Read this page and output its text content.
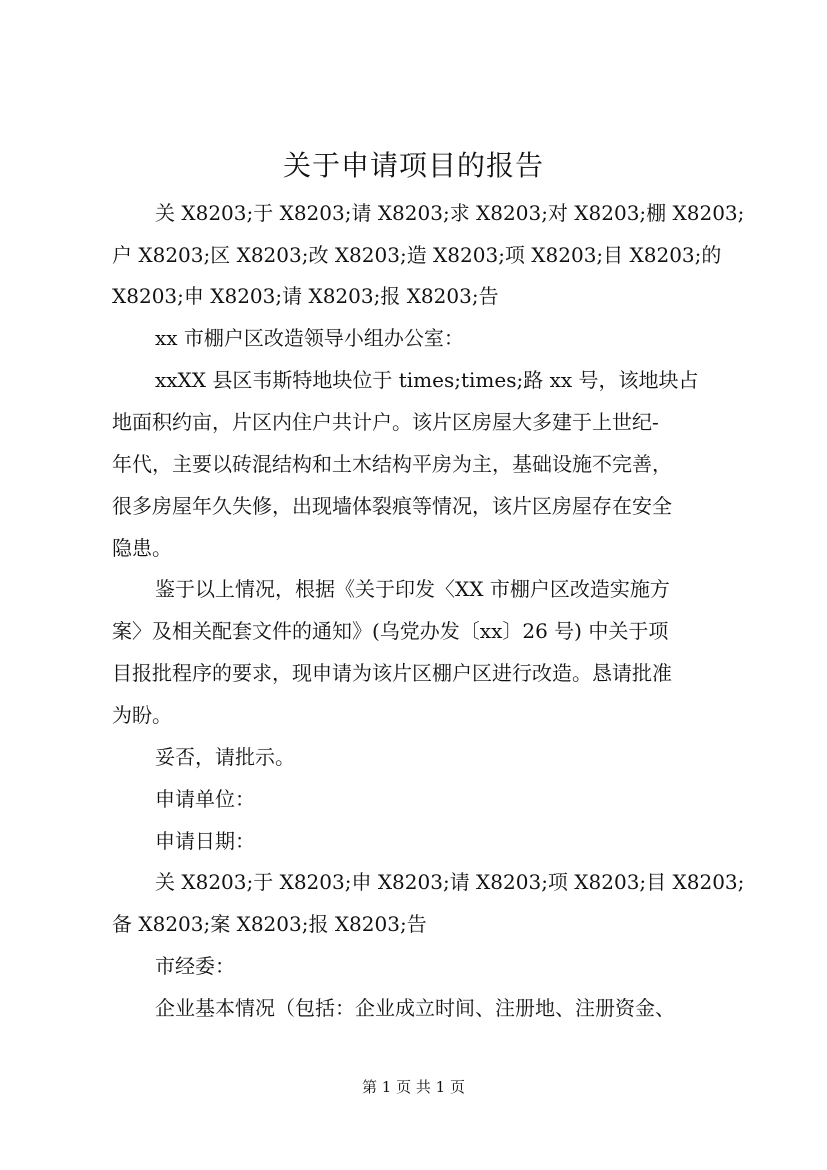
关于申请项目的报告
关 X8203;于 X8203;请 X8203;求 X8203;对 X8203;棚 X8203;
户 X8203;区 X8203;改 X8203;造 X8203;项 X8203;目 X8203;的
X8203;申 X8203;请 X8203;报 X8203;告
xx 市棚户区改造领导小组办公室：
xxXX 县区韦斯特地块位于 times;times;路 xx 号，该地块占
地面积约亩，片区内住户共计户。该片区房屋大多建于上世纪-
年代，主要以砖混结构和土木结构平房为主，基础设施不完善，
很多房屋年久失修，出现墙体裂痕等情况，该片区房屋存在安全
隐患。
鉴于以上情况，根据《关于印发〈XX 市棚户区改造实施方
案〉及相关配套文件的通知》(乌党办发〔xx〕26 号) 中关于项
目报批程序的要求，现申请为该片区棚户区进行改造。恳请批准
为盼。
妥否，请批示。
申请单位：
申请日期：
关 X8203;于 X8203;申 X8203;请 X8203;项 X8203;目 X8203;
备 X8203;案 X8203;报 X8203;告
市经委：
企业基本情况（包括：企业成立时间、注册地、注册资金、
第 1 页 共 1 页
